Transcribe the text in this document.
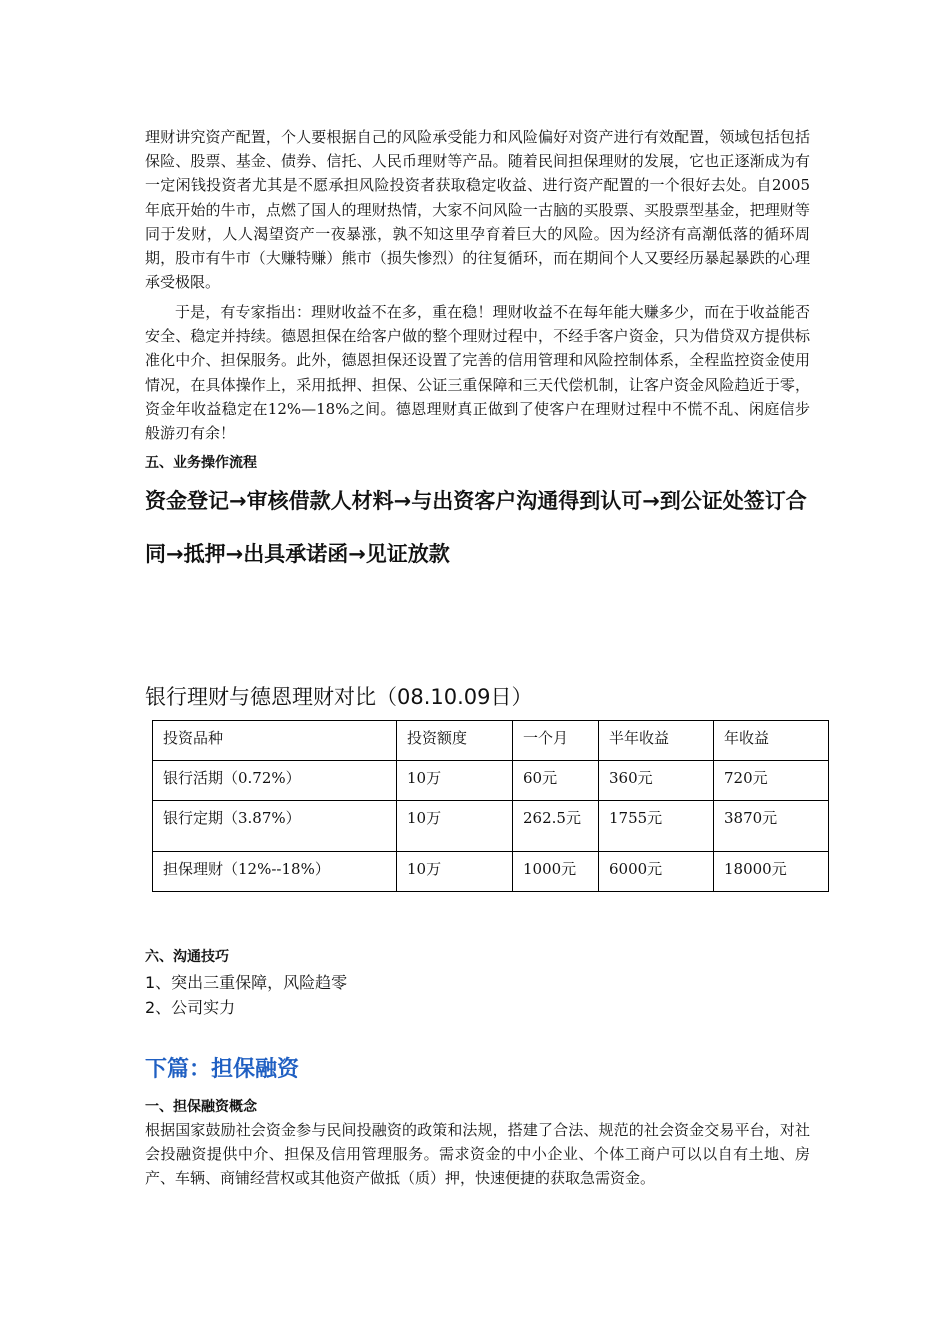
理财讲究资产配置，个人要根据自己的风险承受能力和风险偏好对资产进行有效配置，领域包括包括保险、股票、基金、债券、信托、人民币理财等产品。随着民间担保理财的发展，它也正逐渐成为有一定闲钱投资者尤其是不愿承担风险投资者获取稳定收益、进行资产配置的一个很好去处。自2005年底开始的牛市，点燃了国人的理财热情，大家不问风险一古脑的买股票、买股票型基金，把理财等同于发财，人人渴望资产一夜暴涨，孰不知这里孕育着巨大的风险。因为经济有高潮低落的循环周期，股市有牛市（大赚特赚）熊市（损失惨烈）的往复循环，而在期间个人又要经历暴起暴跌的心理承受极限。

于是，有专家指出：理财收益不在多，重在稳！理财收益不在每年能大赚多少，而在于收益能否安全、稳定并持续。德恩担保在给客户做的整个理财过程中，不经手客户资金，只为借贷双方提供标准化中介、担保服务。此外，德恩担保还设置了完善的信用管理和风险控制体系，全程监控资金使用情况，在具体操作上，采用抵押、担保、公证三重保障和三天代偿机制，让客户资金风险趋近于零，资金年收益稳定在12%—18%之间。德恩理财真正做到了使客户在理财过程中不慌不乱、闲庭信步般游刃有余！

五、业务操作流程

资金登记→审核借款人材料→与出资客户沟通得到认可→到公证处签订合同→抵押→出具承诺函→见证放款

银行理财与德恩理财对比（08.10.09日）

投资品种	投资额度	一个月	半年收益	年收益
银行活期（0.72%）	10万	60元	360元	720元
银行定期（3.87%）	10万	262.5元	1755元	3870元
担保理财（12%--18%）	10万	1000元	6000元	18000元

六、沟通技巧

1、突出三重保障，风险趋零

2、公司实力

下篇：担保融资

一、担保融资概念

根据国家鼓励社会资金参与民间投融资的政策和法规，搭建了合法、规范的社会资金交易平台，对社会投融资提供中介、担保及信用管理服务。需求资金的中小企业、个体工商户可以以自有土地、房产、车辆、商铺经营权或其他资产做抵（质）押，快速便捷的获取急需资金。
